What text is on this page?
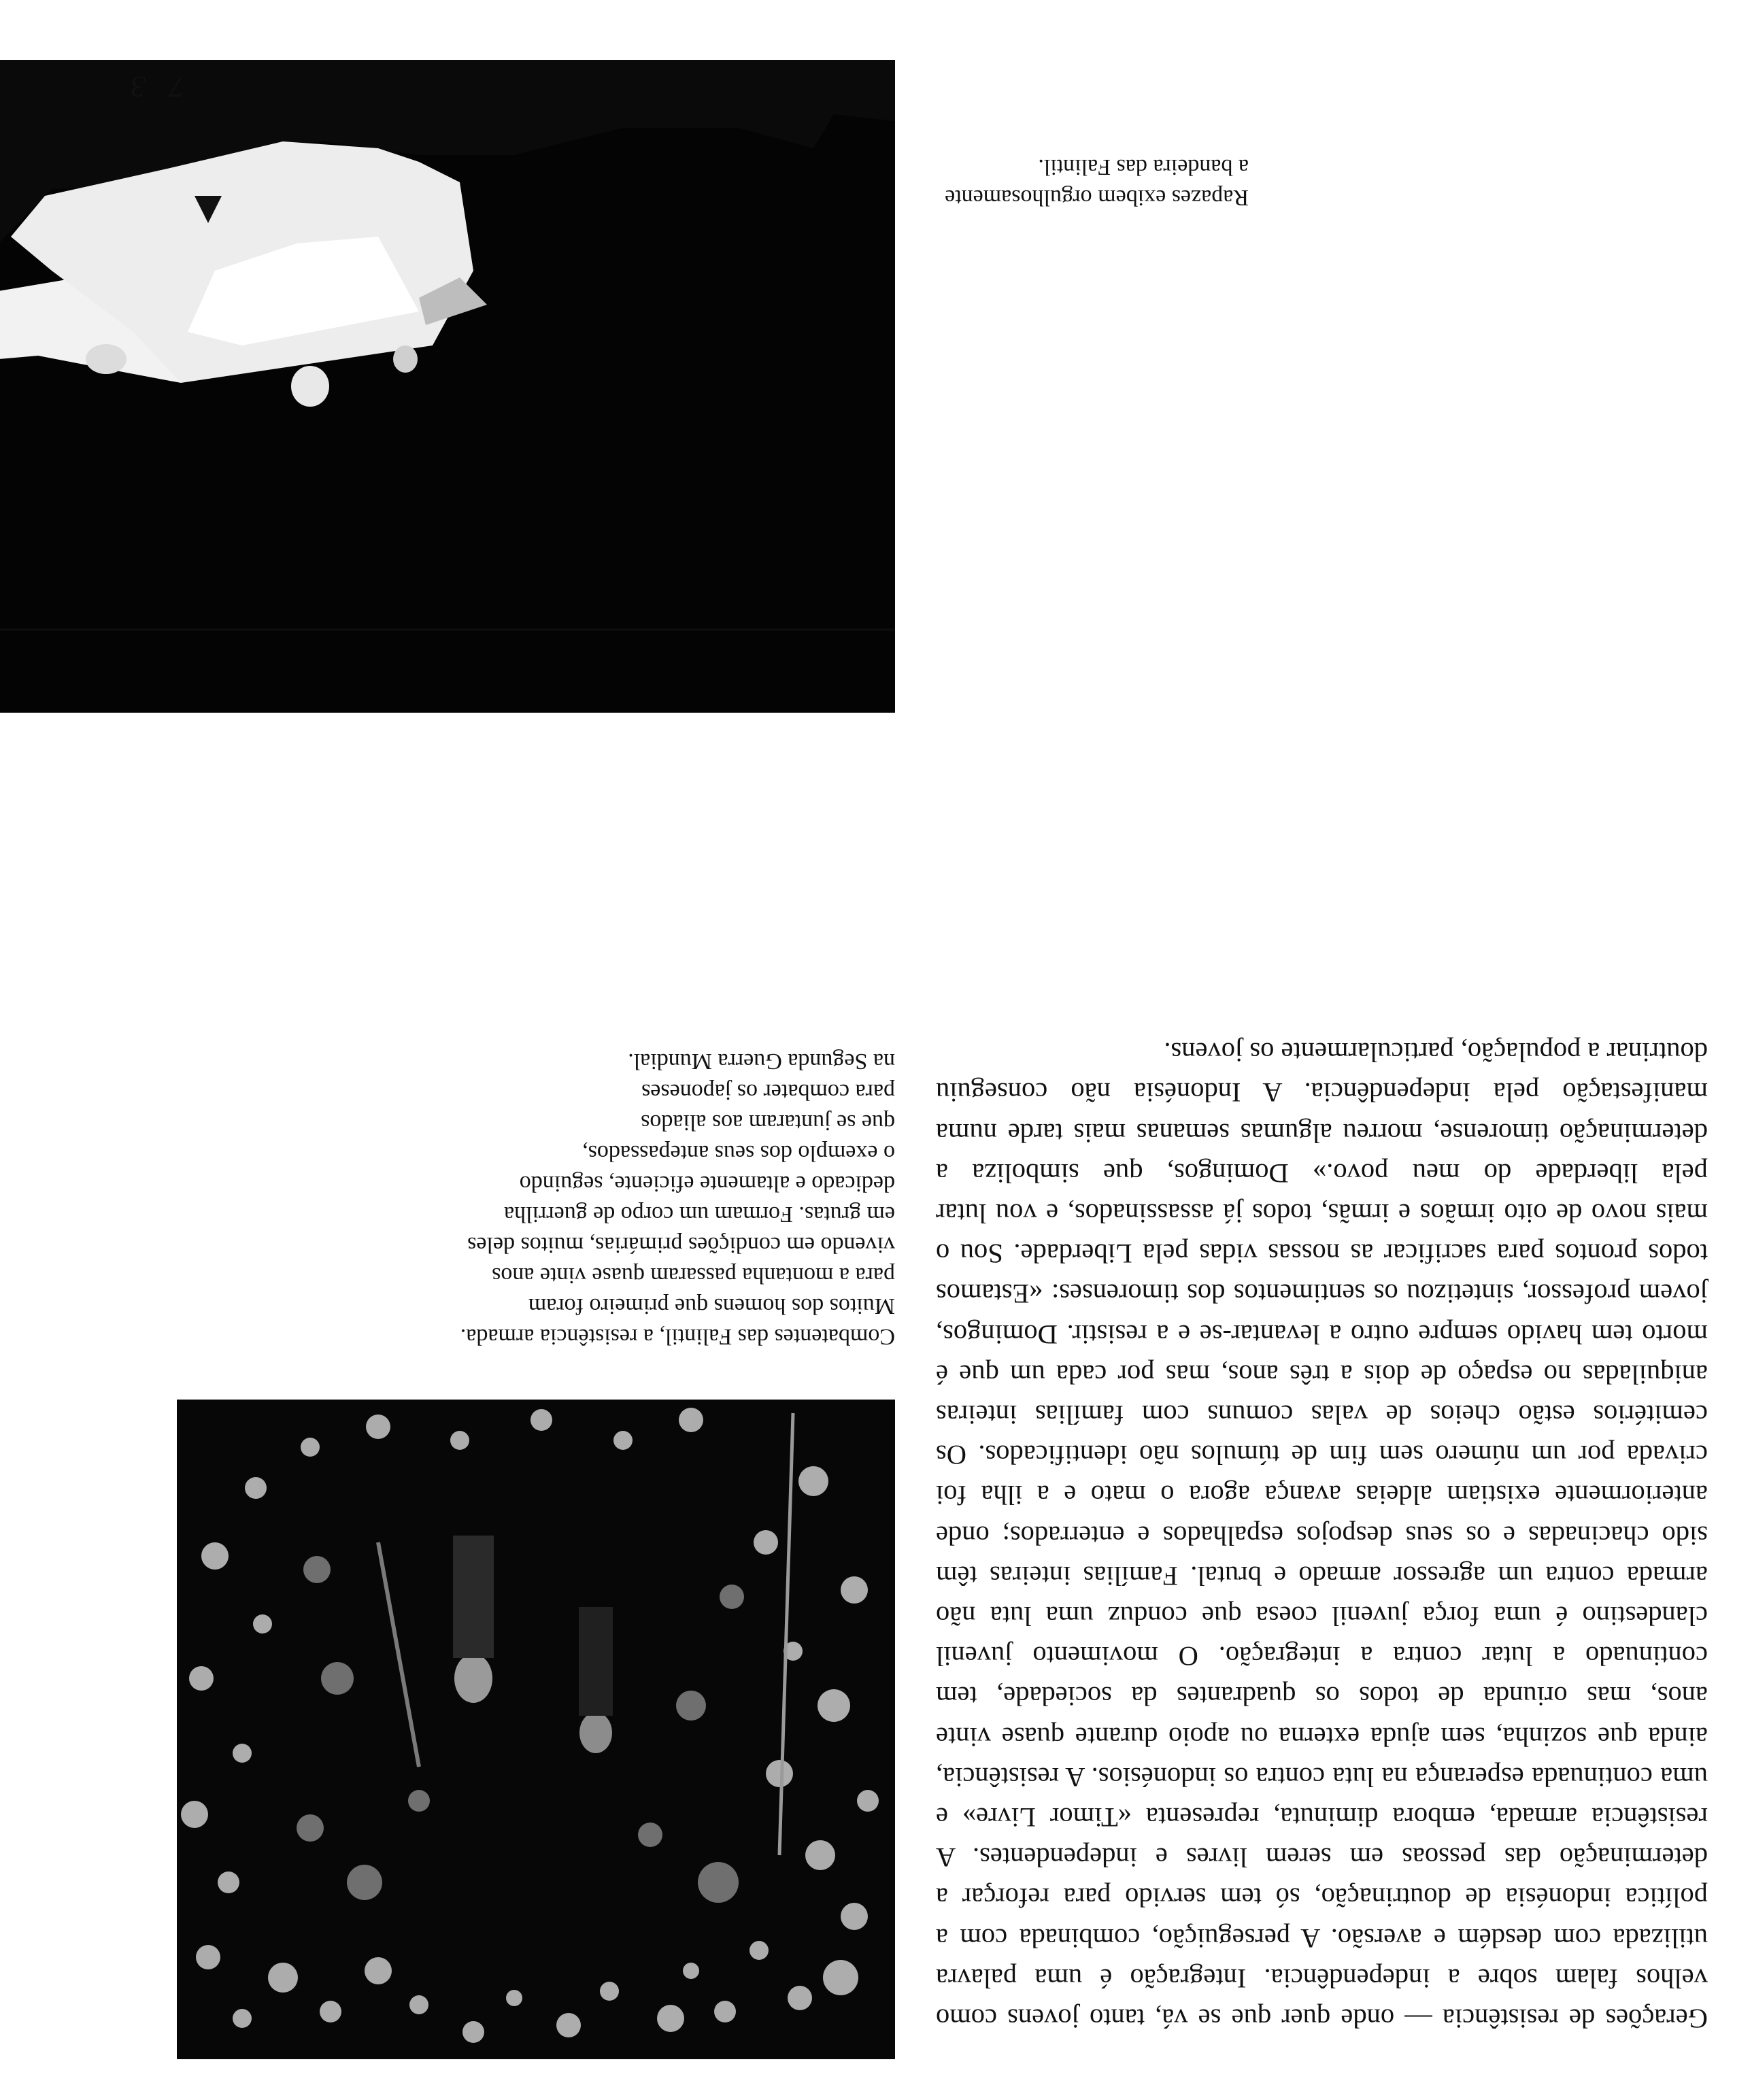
Rapazes exibem orgulhosamente
a bandeira das Falintil.

Combatentes das Falintil, a resistência armada.

Muitos dos homens que primeiro foram

para a montanha passaram quase vinte anos

vivendo em condições primárias, muitos deles

em grutas. Formam um corpo de guerrilha

dedicado e altamente eficiente, seguindo

o exemplo dos seus antepassados,

que se juntaram aos aliados

para combater os japoneses

na Segunda Guerra Mundial.

Gerações de resistência — onde quer que se vá, tanto jovens como velhos falam sobre a independência. Integração é uma palavra utilizada com desdém e aversão. A perseguição, combinada com a política indonésia de doutrinação, só tem servido para reforçar a determinação das pessoas em serem livres e independentes. A resistência armada, embora diminuta, representa «Timor Livre» e uma continuada esperança na luta contra os indonésios. A resistência, ainda que sozinha, sem ajuda externa ou apoio durante quase vinte anos, mas oriunda de todos os quadrantes da sociedade, tem continuado a lutar contra a integração. O movimento juvenil clandestino é uma força juvenil coesa que conduz uma luta não armada contra um agressor armado e brutal. Famílias inteiras têm sido chacinadas e os seus despojos espalhados e enterrados; onde anteriormente existiam aldeias avança agora o mato e a ilha foi crivada por um número sem fim de túmulos não identificados. Os cemitérios estão cheios de valas comuns com famílias inteiras aniquiladas no espaço de dois a três anos, mas por cada um que é morto tem havido sempre outro a levantar-se e a resistir. Domingos, jovem professor, sintetizou os sentimentos dos timorenses: «Estamos todos prontos para sacrificar as nossas vidas pela Liberdade. Sou o mais novo de oito irmãos e irmãs, todos já assassinados, e vou lutar pela liberdade do meu povo.» Domingos, que simboliza a determinação timorense, morreu algumas semanas mais tarde numa manifestação pela independência. A Indonésia não conseguiu doutrinar a população, particularmente os jovens.

7 3
